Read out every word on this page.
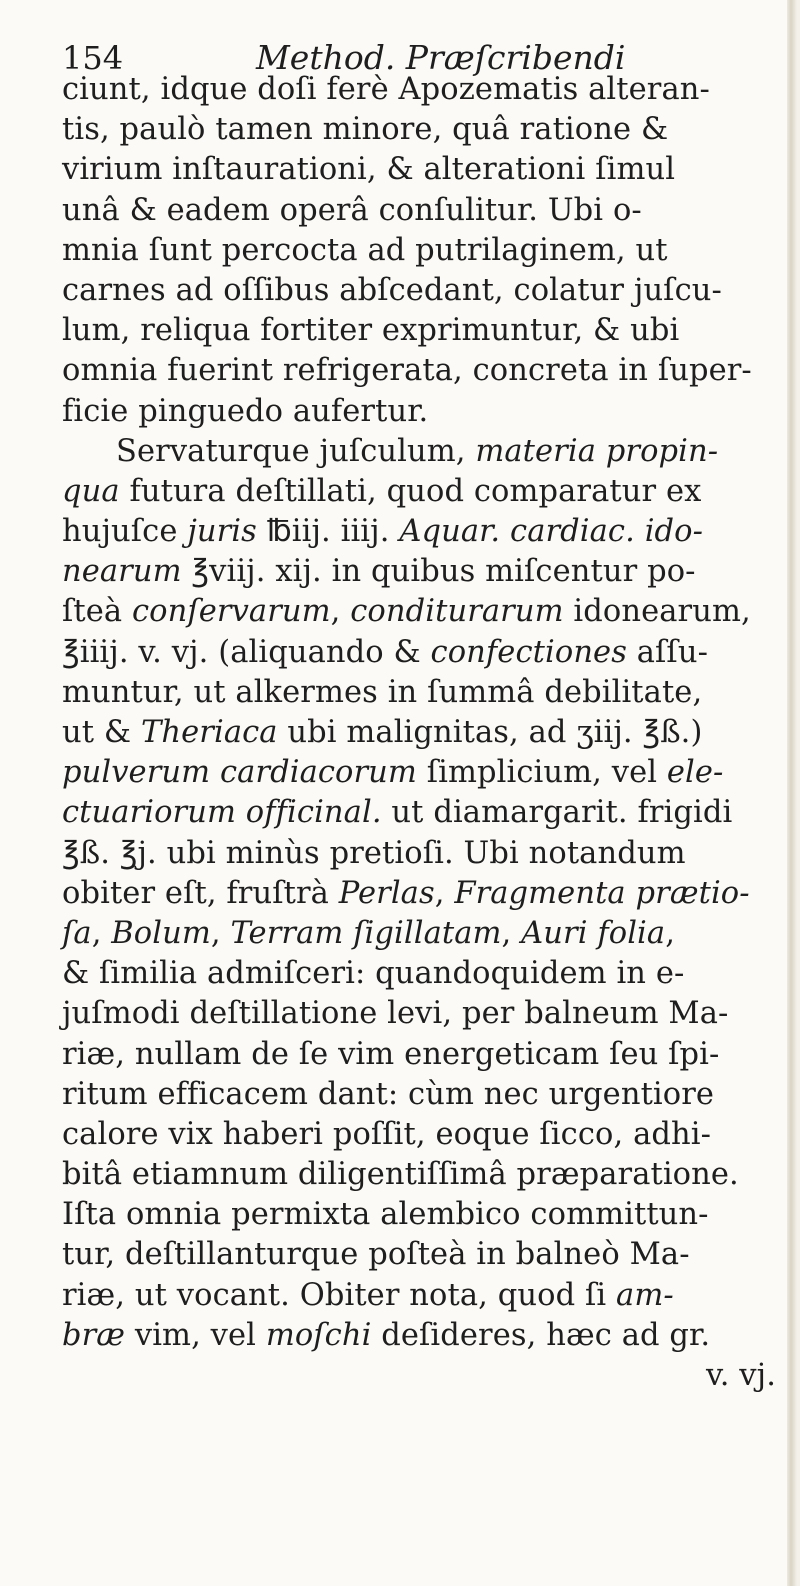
154	Method. Præſcribendi
ciunt, idque doſi ferè Apozematis alteran-
tis, paulò tamen minore, quâ ratione &
virium inſtaurationi, & alterationi ſimul
unâ & eadem operâ conſulitur. Ubi o-
mnia ſunt percocta ad putrilaginem, ut
carnes ad oſſibus abſcedant, colatur juſcu-
lum, reliqua fortiter exprimuntur, & ubi
omnia fuerint refrigerata, concreta in ſuper-
ficie pinguedo aufertur.
Servaturque juſculum, materia propin-
qua futura deſtillati, quod comparatur ex
hujuſce juris ℔iij. iiij. Aquar. cardiac. ido-
nearum ℥viij. xij. in quibus miſcentur po-
ſteà conſervarum, conditurarum idonearum,
℥iiij. v. vj. (aliquando & confectiones aſſu-
muntur, ut alkermes in ſummâ debilitate,
ut & Theriaca ubi malignitas, ad ʒiij. ℥ß.)
pulverum cardiacorum ſimplicium, vel ele-
ctuariorum officinal. ut diamargarit. frigidi
℥ß. ℥j. ubi minùs pretioſi. Ubi notandum
obiter eſt, fruſtrà Perlas, Fragmenta prætio-
ſa, Bolum, Terram ſigillatam, Auri folia,
& ſimilia admiſceri: quandoquidem in e-
juſmodi deſtillatione levi, per balneum Ma-
riæ, nullam de ſe vim energeticam ſeu ſpi-
ritum efficacem dant: cùm nec urgentiore
calore vix haberi poſſit, eoque ſicco, adhi-
bitâ etiamnum diligentiſſimâ præparatione.
Iſta omnia permixta alembico committun-
tur, deſtillanturque poſteà in balneò Ma-
riæ, ut vocant. Obiter nota, quod ſi am-
bræ vim, vel moſchi deſideres, hæc ad gr.
v. vj.
